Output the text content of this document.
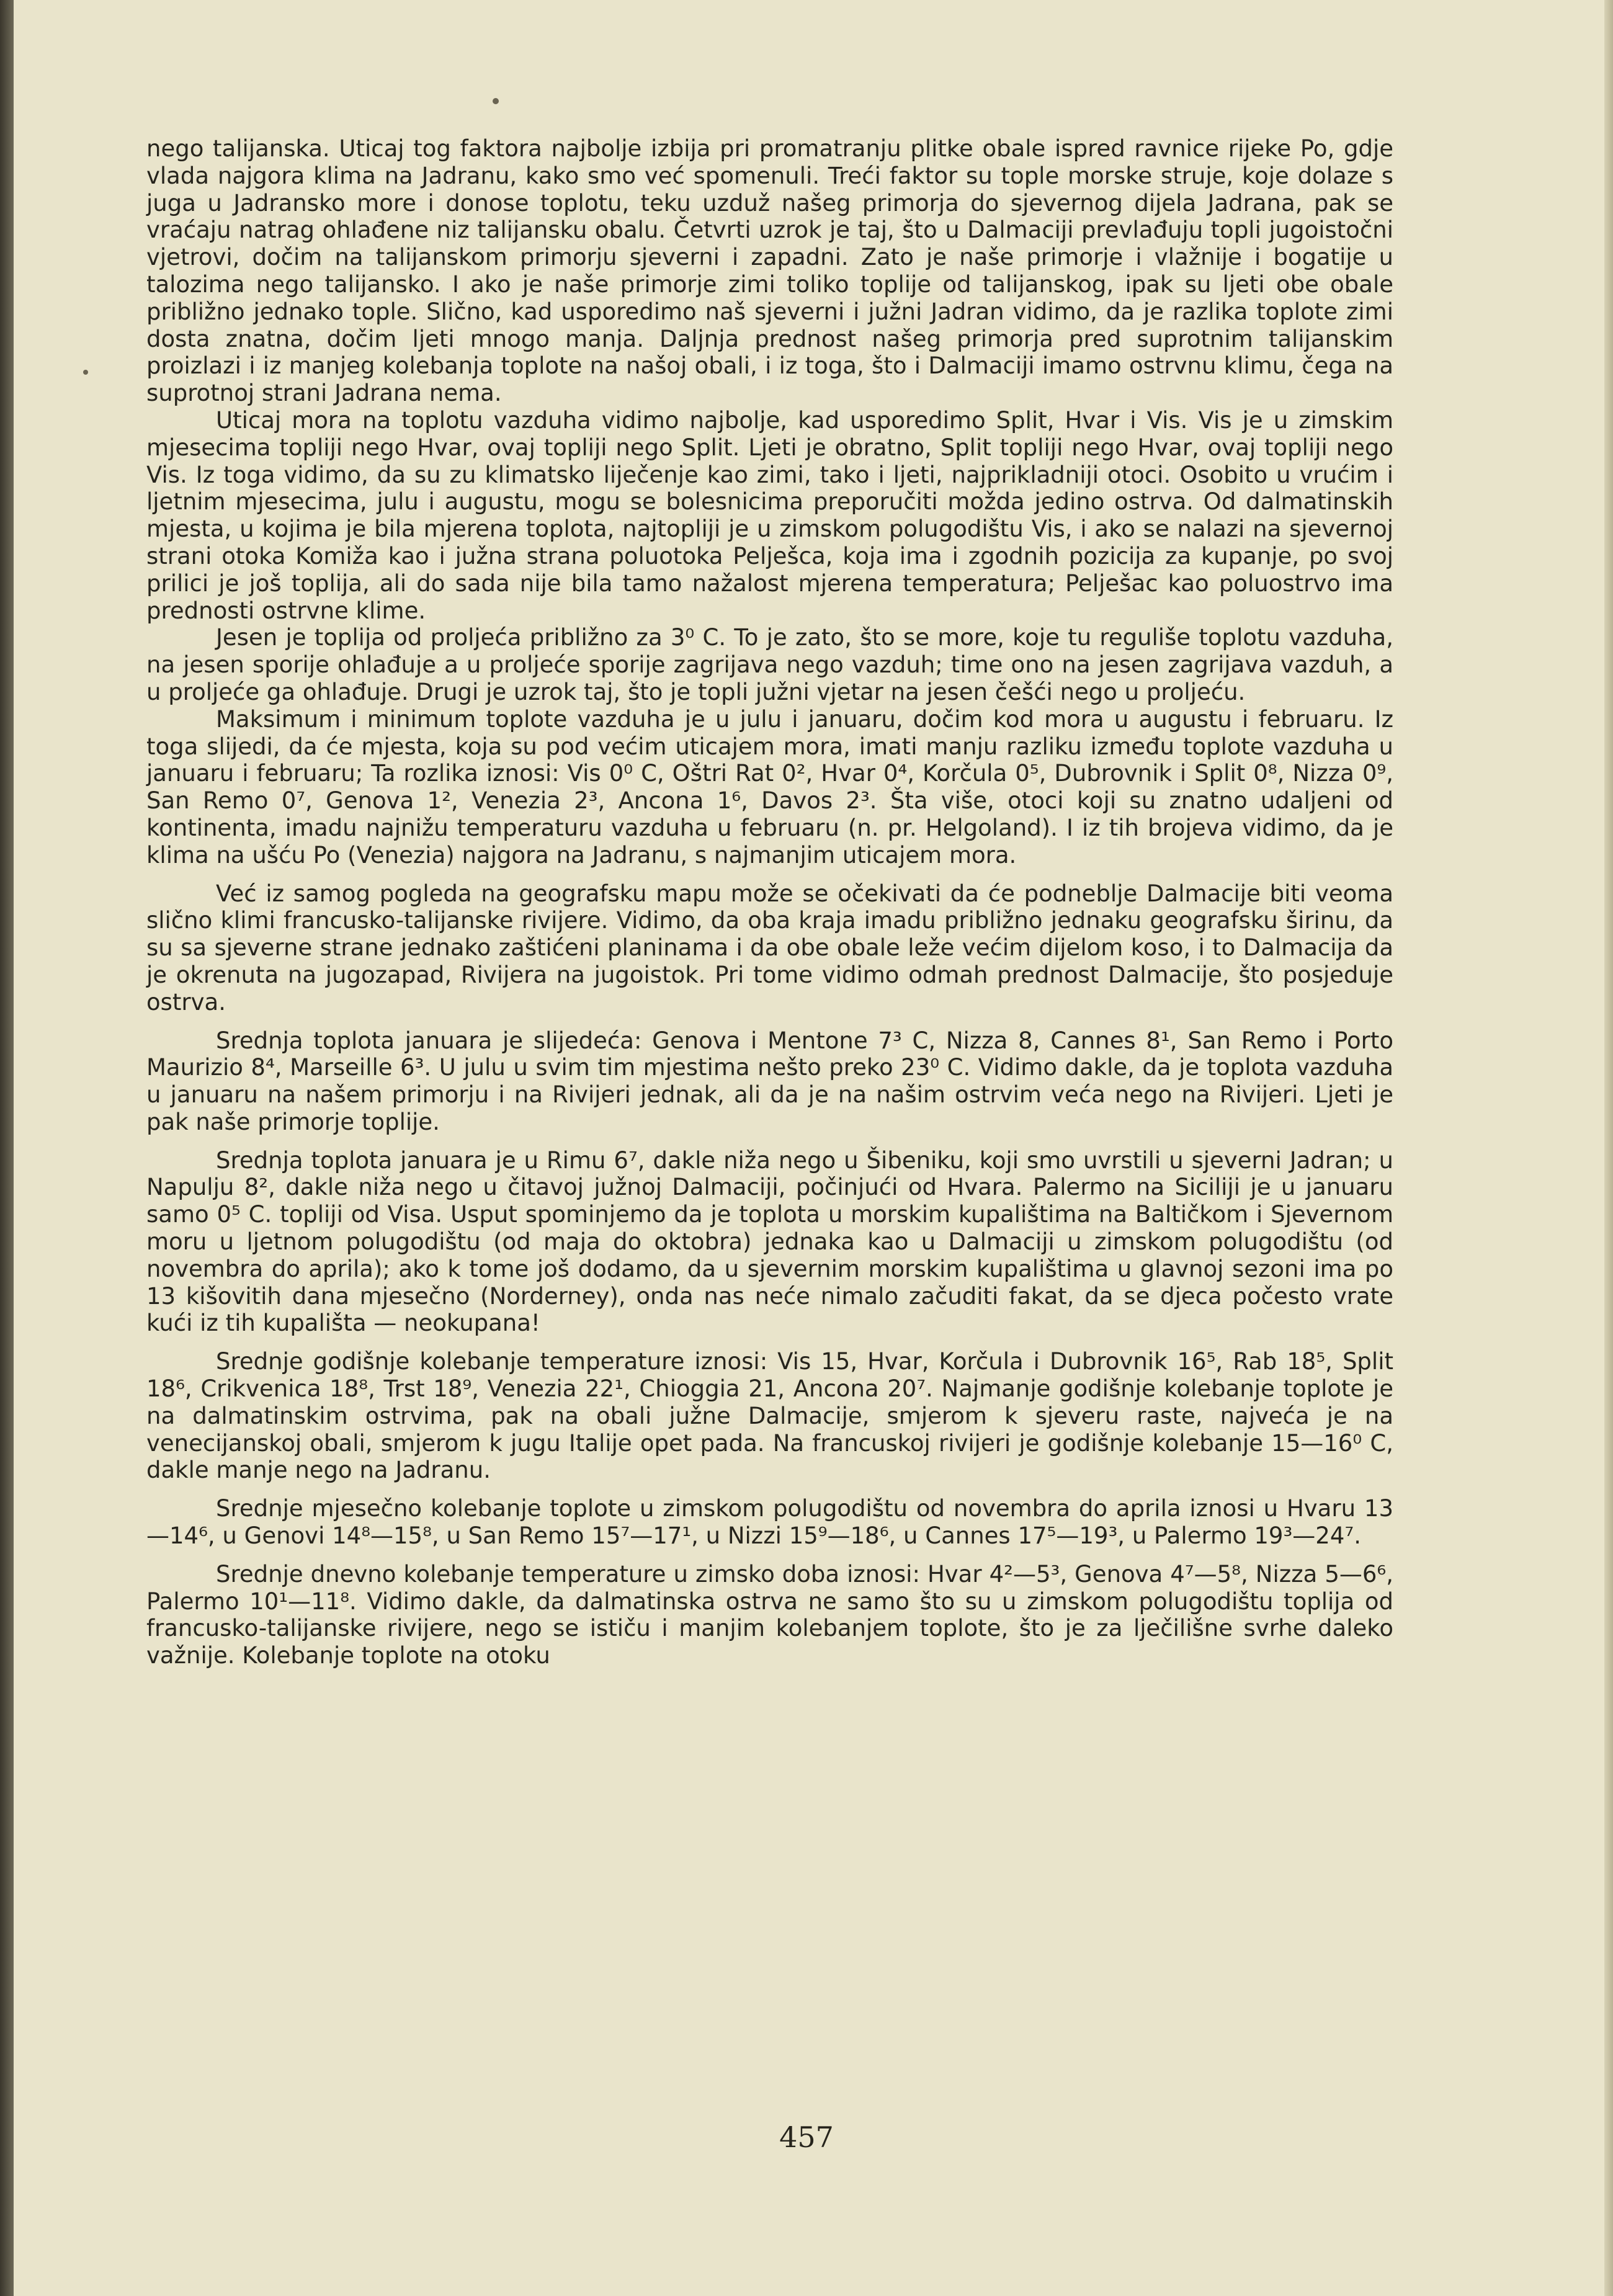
nego talijanska. Uticaj tog faktora najbolje izbija pri promatranju plitke obale ispred ravnice rijeke Po, gdje vlada najgora klima na Jadranu, kako smo već spomenuli. Treći faktor su tople morske struje, koje dolaze s juga u Jadransko more i donose toplotu, teku uzduž našeg primorja do sjevernog dijela Jadrana, pak se vraćaju natrag ohlađene niz talijansku obalu. Četvrti uzrok je taj, što u Dalmaciji prevlađuju topli jugoistočni vjetrovi, dočim na talijanskom primorju sjeverni i zapadni. Zato je naše primorje i vlažnije i bogatije u talozima nego talijansko. I ako je naše primorje zimi toliko toplije od talijanskog, ipak su ljeti obe obale približno jednako tople. Slično, kad usporedimo naš sjeverni i južni Jadran vidimo, da je razlika toplote zimi dosta znatna, dočim ljeti mnogo manja. Daljnja prednost našeg primorja pred suprotnim talijanskim proizlazi i iz manjeg kolebanja toplote na našoj obali, i iz toga, što i Dalmaciji imamo ostrvnu klimu, čega na suprotnoj strani Jadrana nema.

Uticaj mora na toplotu vazduha vidimo najbolje, kad usporedimo Split, Hvar i Vis. Vis je u zimskim mjesecima topliji nego Hvar, ovaj topliji nego Split. Ljeti je obratno, Split topliji nego Hvar, ovaj topliji nego Vis. Iz toga vidimo, da su zu klimatsko liječenje kao zimi, tako i ljeti, najprikladniji otoci. Osobito u vrućim i ljetnim mjesecima, julu i augustu, mogu se bolesnicima preporučiti možda jedino ostrva. Od dalmatinskih mjesta, u kojima je bila mjerena toplota, najtopliji je u zimskom polugodištu Vis, i ako se nalazi na sjevernoj strani otoka Komiža kao i južna strana poluotoka Pelješca, koja ima i zgodnih pozicija za kupanje, po svoj prilici je još toplija, ali do sada nije bila tamo nažalost mjerena temperatura; Pelješac kao poluostrvo ima prednosti ostrvne klime.

Jesen je toplija od proljeća približno za 3⁰ C. To je zato, što se more, koje tu reguliše toplotu vazduha, na jesen sporije ohlađuje a u proljeće sporije zagrijava nego vazduh; time ono na jesen zagrijava vazduh, a u proljeće ga ohlađuje. Drugi je uzrok taj, što je topli južni vjetar na jesen češći nego u proljeću.

Maksimum i minimum toplote vazduha je u julu i januaru, dočim kod mora u augustu i februaru. Iz toga slijedi, da će mjesta, koja su pod većim uticajem mora, imati manju razliku između toplote vazduha u januaru i februaru; Ta rozlika iznosi: Vis 0⁰ C, Oštri Rat 0², Hvar 0⁴, Korčula 0⁵, Dubrovnik i Split 0⁸, Nizza 0⁹, San Remo 0⁷, Genova 1², Venezia 2³, Ancona 1⁶, Davos 2³. Šta više, otoci koji su znatno udaljeni od kontinenta, imadu najnižu temperaturu vazduha u februaru (n. pr. Helgoland). I iz tih brojeva vidimo, da je klima na ušću Po (Venezia) najgora na Jadranu, s najmanjim uticajem mora.

Već iz samog pogleda na geografsku mapu može se očekivati da će podneblje Dalmacije biti veoma slično klimi francusko-talijanske rivijere. Vidimo, da oba kraja imadu približno jednaku geografsku širinu, da su sa sjeverne strane jednako zaštićeni planinama i da obe obale leže većim dijelom koso, i to Dalmacija da je okrenuta na jugozapad, Rivijera na jugoistok. Pri tome vidimo odmah prednost Dalmacije, što posjeduje ostrva.

Srednja toplota januara je slijedeća: Genova i Mentone 7³ C, Nizza 8, Cannes 8¹, San Remo i Porto Maurizio 8⁴, Marseille 6³. U julu u svim tim mjestima nešto preko 23⁰ C. Vidimo dakle, da je toplota vazduha u januaru na našem primorju i na Rivijeri jednak, ali da je na našim ostrvim veća nego na Rivijeri. Ljeti je pak naše primorje toplije.

Srednja toplota januara je u Rimu 6⁷, dakle niža nego u Šibeniku, koji smo uvrstili u sjeverni Jadran; u Napulju 8², dakle niža nego u čitavoj južnoj Dalmaciji, počinjući od Hvara. Palermo na Siciliji je u januaru samo 0⁵ C. topliji od Visa. Usput spominjemo da je toplota u morskim kupalištima na Baltičkom i Sjevernom moru u ljetnom polugodištu (od maja do oktobra) jednaka kao u Dalmaciji u zimskom polugodištu (od novembra do aprila); ako k tome još dodamo, da u sjevernim morskim kupalištima u glavnoj sezoni ima po 13 kišovitih dana mjesečno (Norderney), onda nas neće nimalo začuditi fakat, da se djeca počesto vrate kući iz tih kupališta — neokupana!

Srednje godišnje kolebanje temperature iznosi: Vis 15, Hvar, Korčula i Dubrovnik 16⁵, Rab 18⁵, Split 18⁶, Crikvenica 18⁸, Trst 18⁹, Venezia 22¹, Chioggia 21, Ancona 20⁷. Najmanje godišnje kolebanje toplote je na dalmatinskim ostrvima, pak na obali južne Dalmacije, smjerom k sjeveru raste, najveća je na venecijanskoj obali, smjerom k jugu Italije opet pada. Na francuskoj rivijeri je godišnje kolebanje 15—16⁰ C, dakle manje nego na Jadranu.

Srednje mjesečno kolebanje toplote u zimskom polugodištu od novembra do aprila iznosi u Hvaru 13—14⁶, u Genovi 14⁸—15⁸, u San Remo 15⁷—17¹, u Nizzi 15⁹—18⁶, u Cannes 17⁵—19³, u Palermo 19³—24⁷.

Srednje dnevno kolebanje temperature u zimsko doba iznosi: Hvar 4²—5³, Genova 4⁷—5⁸, Nizza 5—6⁶, Palermo 10¹—11⁸. Vidimo dakle, da dalmatinska ostrva ne samo što su u zimskom polugodištu toplija od francusko-talijanske rivijere, nego se ističu i manjim kolebanjem toplote, što je za lječilišne svrhe daleko važnije. Kolebanje toplote na otoku

457
